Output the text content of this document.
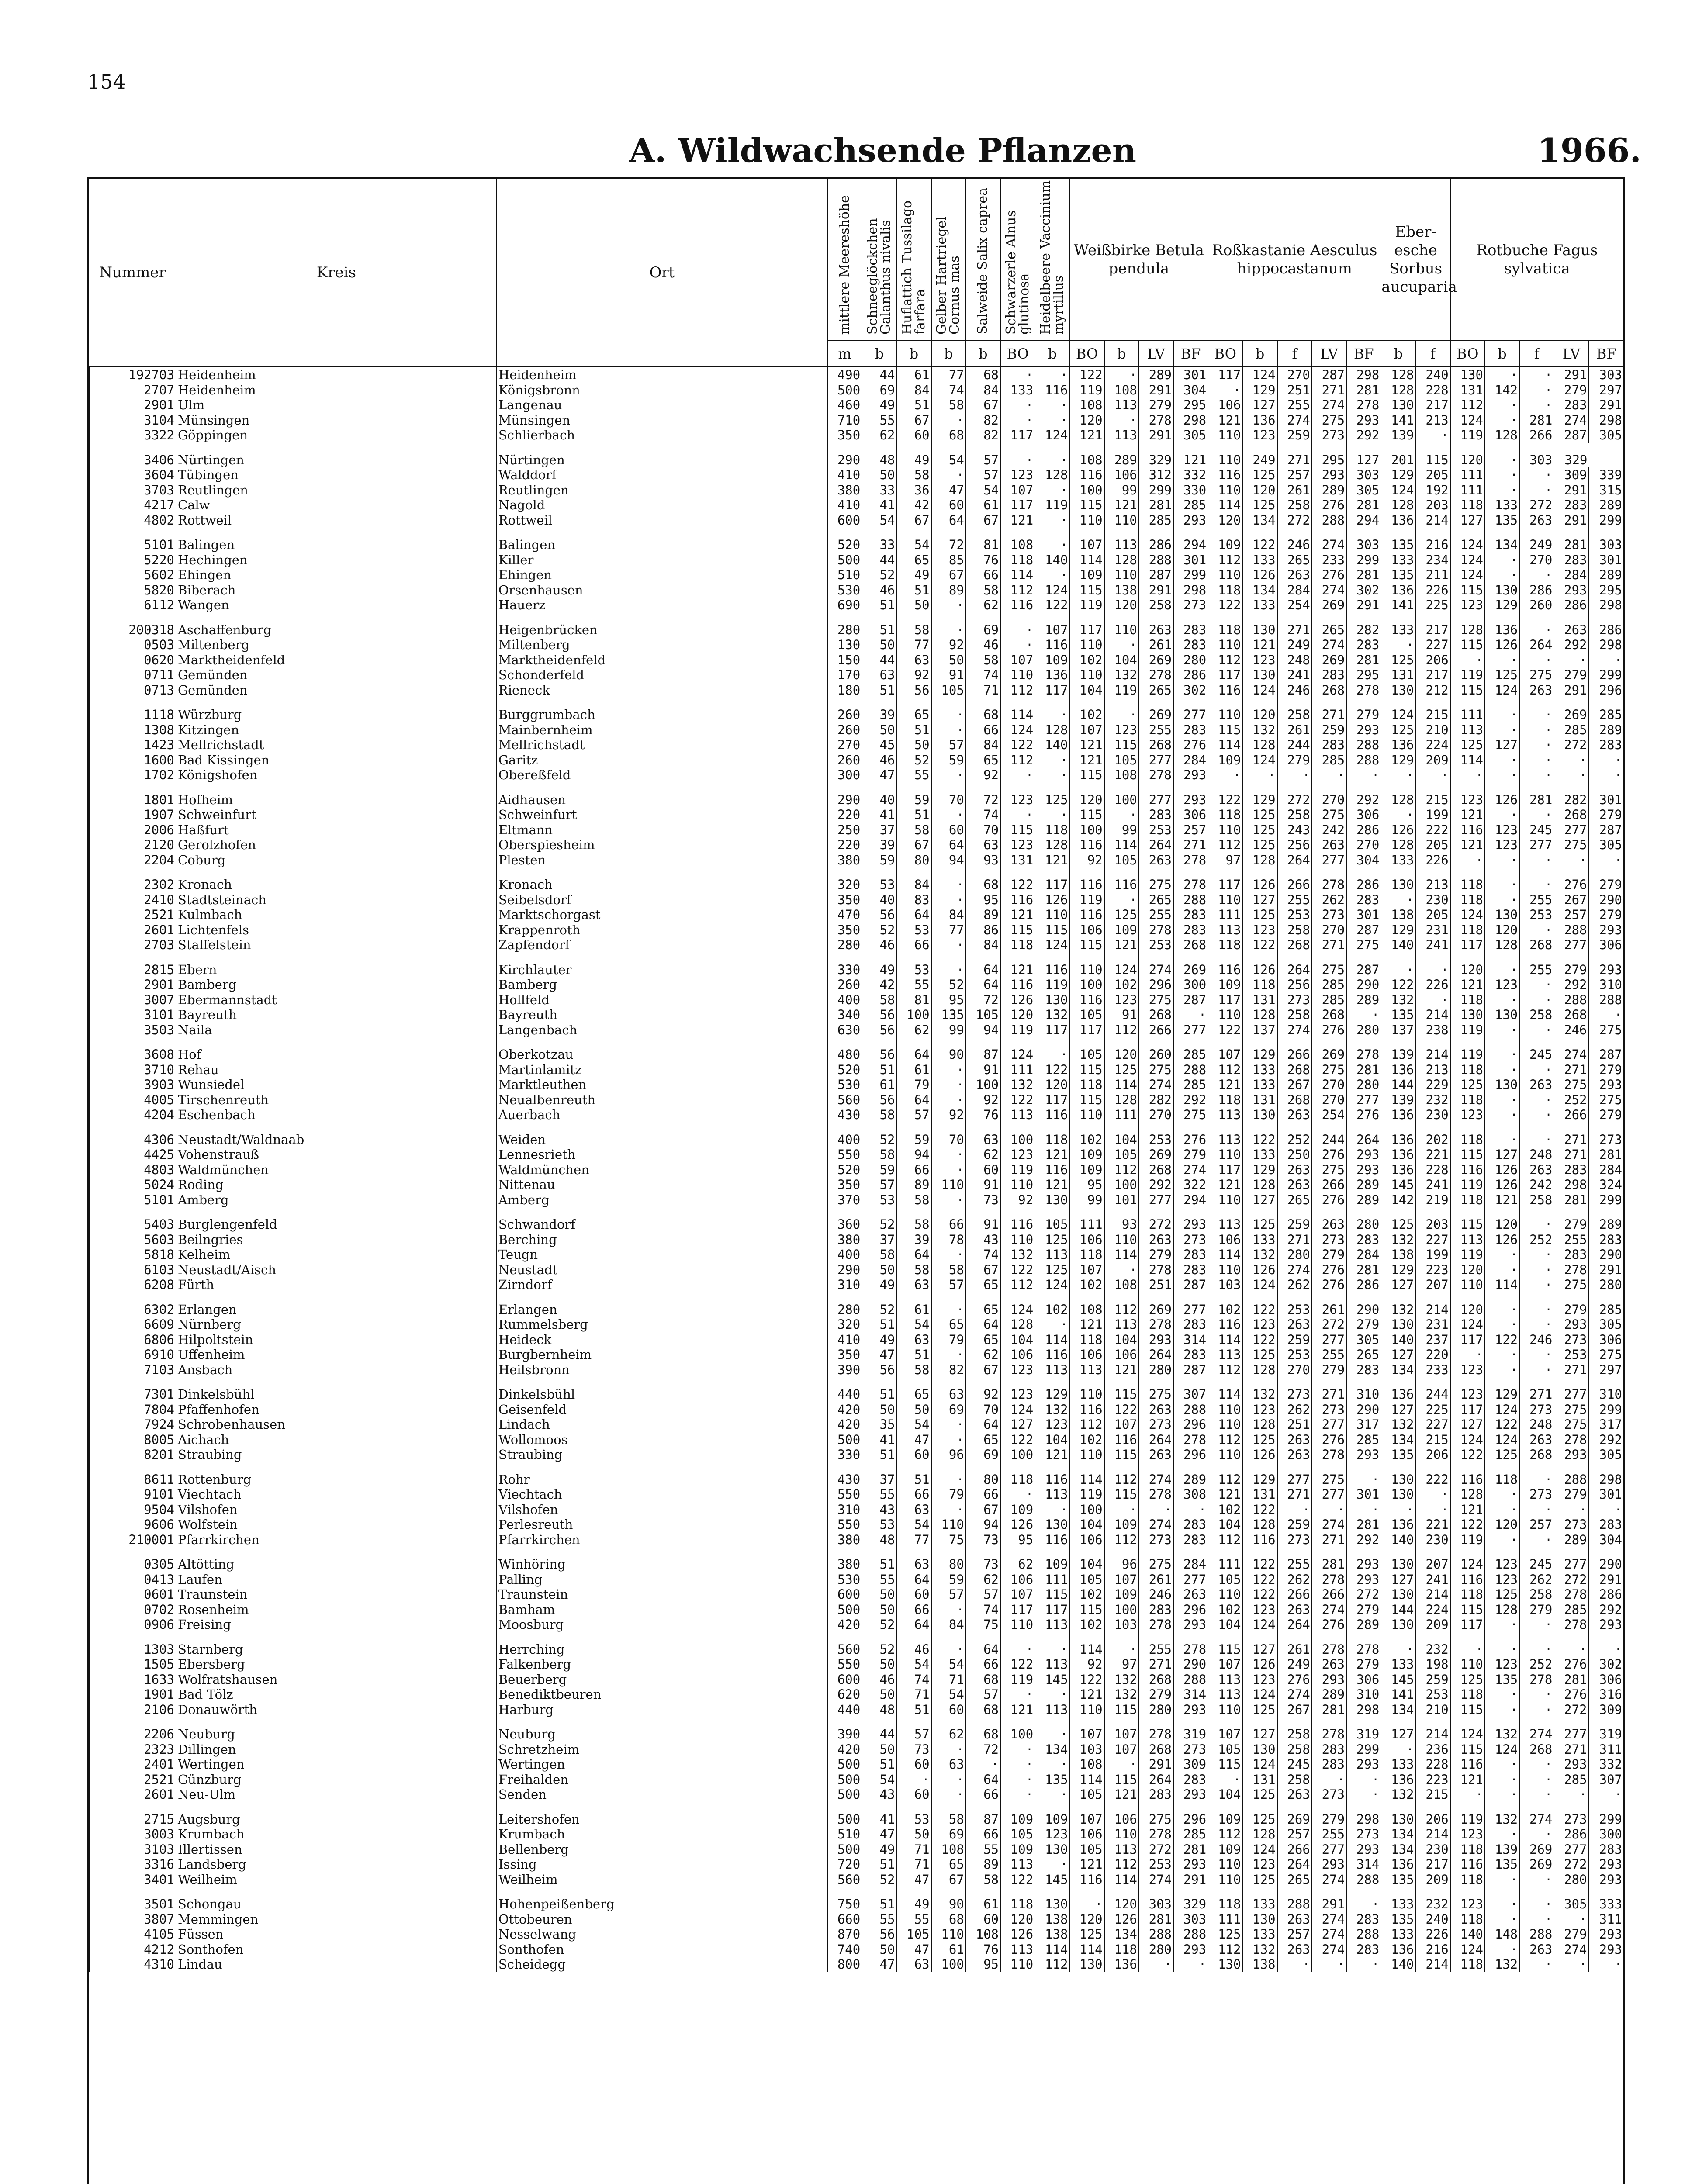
154
A. Wildwachsende Pflanzen	1966.
Nummer	Kreis	Ort	mittlere Meereshöhe	Schneeglöckchen Galanthus nivalis	Huflattich Tussilago farfara	Gelber Hartriegel Cornus mas	Salweide Salix caprea	Schwarzerle Alnus glutinosa	Heidelbeere Vaccinium myrtillus	Weißbirke Betula pendula				Roßkastanie Aesculus hippocastanum					Eber- esche Sorbus aucuparia		Rotbuche Fagus sylvatica				
			m	b	b	b	b	BO	b	BO	b	LV	BF	BO	b	f	LV	BF	b	f	BO	b	f	LV	BF
192703	Heidenheim	Heidenheim	490	44	61	77	68	·	·	122	·	289	301	117	124	270	287	298	128	240	130	·	·	291	303
2707	Heidenheim	Königsbronn	500	69	84	74	84	133	116	119	108	291	304	·	129	251	271	281	128	228	131	142	·	279	297
2901	Ulm	Langenau	460	49	51	58	67	·	·	108	113	279	295	106	127	255	274	278	130	217	112	·	·	283	291
3104	Münsingen	Münsingen	710	55	67	·	82	·	·	120	·	278	298	121	136	274	275	293	141	213	124	·	281	274	298
3322	Göppingen	Schlierbach	350	62	60	68	82	117	124	121	113	291	305	110	123	259	273	292	139	·	119	128	266	287	305

3406	Nürtingen	Nürtingen	290	48	49	54	57	·	·	108	289	329	121	110	249	271	295	127	201	115	120	·	303	329	
3604	Tübingen	Walddorf	410	50	58	·	57	123	128	116	106	312	332	116	125	257	293	303	129	205	111	·	·	309	339
3703	Reutlingen	Reutlingen	380	33	36	47	54	107	·	100	99	299	330	110	120	261	289	305	124	192	111	·	·	291	315
4217	Calw	Nagold	410	41	42	60	61	117	119	115	121	281	285	114	125	258	276	281	128	203	118	133	272	283	289
4802	Rottweil	Rottweil	600	54	67	64	67	121	·	110	110	285	293	120	134	272	288	294	136	214	127	135	263	291	299

5101	Balingen	Balingen	520	33	54	72	81	108	·	107	113	286	294	109	122	246	274	303	135	216	124	134	249	281	303
5220	Hechingen	Killer	500	44	65	85	76	118	140	114	128	288	301	112	133	265	233	299	133	234	124	·	270	283	301
5602	Ehingen	Ehingen	510	52	49	67	66	114	·	109	110	287	299	110	126	263	276	281	135	211	124	·	·	284	289
5820	Biberach	Orsenhausen	530	46	51	89	58	112	124	115	138	291	298	118	134	284	274	302	136	226	115	130	286	293	295
6112	Wangen	Hauerz	690	51	50	·	62	116	122	119	120	258	273	122	133	254	269	291	141	225	123	129	260	286	298

200318	Aschaffenburg	Heigenbrücken	280	51	58	·	69	·	107	117	110	263	283	118	130	271	265	282	133	217	128	136	·	263	286
0503	Miltenberg	Miltenberg	130	50	77	92	46	·	116	110	·	261	283	110	121	249	274	283	·	227	115	126	264	292	298
0620	Marktheidenfeld	Marktheidenfeld	150	44	63	50	58	107	109	102	104	269	280	112	123	248	269	281	125	206	·	·	·	·	·
0711	Gemünden	Schonderfeld	170	63	92	91	74	110	136	110	132	278	286	117	130	241	283	295	131	217	119	125	275	279	299
0713	Gemünden	Rieneck	180	51	56	105	71	112	117	104	119	265	302	116	124	246	268	278	130	212	115	124	263	291	296

1118	Würzburg	Burggrumbach	260	39	65	·	68	114	·	102	·	269	277	110	120	258	271	279	124	215	111	·	·	269	285
1308	Kitzingen	Mainbernheim	260	50	51	·	66	124	128	107	123	255	283	115	132	261	259	293	125	210	113	·	·	285	289
1423	Mellrichstadt	Mellrichstadt	270	45	50	57	84	122	140	121	115	268	276	114	128	244	283	288	136	224	125	127	·	272	283
1600	Bad Kissingen	Garitz	260	46	52	59	65	112	·	121	105	277	284	109	124	279	285	288	129	209	114	·	·	·	·
1702	Königshofen	Obereßfeld	300	47	55	·	92	·	·	115	108	278	293	·	·	·	·	·	·	·	·	·	·	·	·

1801	Hofheim	Aidhausen	290	40	59	70	72	123	125	120	100	277	293	122	129	272	270	292	128	215	123	126	281	282	301
1907	Schweinfurt	Schweinfurt	220	41	51	·	74	·	·	115	·	283	306	118	125	258	275	306	·	199	121	·	·	268	279
2006	Haßfurt	Eltmann	250	37	58	60	70	115	118	100	99	253	257	110	125	243	242	286	126	222	116	123	245	277	287
2120	Gerolzhofen	Oberspiesheim	220	39	67	64	63	123	128	116	114	264	271	112	125	256	263	270	128	205	121	123	277	275	305
2204	Coburg	Plesten	380	59	80	94	93	131	121	92	105	263	278	97	128	264	277	304	133	226	·	·	·	·	·

2302	Kronach	Kronach	320	53	84	·	68	122	117	116	116	275	278	117	126	266	278	286	130	213	118	·	·	276	279
2410	Stadtsteinach	Seibelsdorf	350	40	83	·	95	116	126	119	·	265	288	110	127	255	262	283	·	230	118	·	255	267	290
2521	Kulmbach	Marktschorgast	470	56	64	84	89	121	110	116	125	255	283	111	125	253	273	301	138	205	124	130	253	257	279
2601	Lichtenfels	Krappenroth	350	52	53	77	86	115	115	106	109	278	283	113	123	258	270	287	129	231	118	120	·	288	293
2703	Staffelstein	Zapfendorf	280	46	66	·	84	118	124	115	121	253	268	118	122	268	271	275	140	241	117	128	268	277	306

2815	Ebern	Kirchlauter	330	49	53	·	64	121	116	110	124	274	269	116	126	264	275	287	·	·	120	·	255	279	293
2901	Bamberg	Bamberg	260	42	55	52	64	116	119	100	102	296	300	109	118	256	285	290	122	226	121	123	·	292	310
3007	Ebermannstadt	Hollfeld	400	58	81	95	72	126	130	116	123	275	287	117	131	273	285	289	132	·	118	·	·	288	288
3101	Bayreuth	Bayreuth	340	56	100	135	105	120	132	105	91	268	·	110	128	258	268	·	135	214	130	130	258	268	·
3503	Naila	Langenbach	630	56	62	99	94	119	117	117	112	266	277	122	137	274	276	280	137	238	119	·	·	246	275

3608	Hof	Oberkotzau	480	56	64	90	87	124	·	105	120	260	285	107	129	266	269	278	139	214	119	·	245	274	287
3710	Rehau	Martinlamitz	520	51	61	·	91	111	122	115	125	275	288	112	133	268	275	281	136	213	118	·	·	271	279
3903	Wunsiedel	Marktleuthen	530	61	79	·	100	132	120	118	114	274	285	121	133	267	270	280	144	229	125	130	263	275	293
4005	Tirschenreuth	Neualbenreuth	560	56	64	·	92	122	117	115	128	282	292	118	131	268	270	277	139	232	118	·	·	252	275
4204	Eschenbach	Auerbach	430	58	57	92	76	113	116	110	111	270	275	113	130	263	254	276	136	230	123	·	·	266	279

4306	Neustadt/Waldnaab	Weiden	400	52	59	70	63	100	118	102	104	253	276	113	122	252	244	264	136	202	118	·	·	271	273
4425	Vohenstrauß	Lennesrieth	550	58	94	·	62	123	121	109	105	269	279	110	133	250	276	293	136	221	115	127	248	271	281
4803	Waldmünchen	Waldmünchen	520	59	66	·	60	119	116	109	112	268	274	117	129	263	275	293	136	228	116	126	263	283	284
5024	Roding	Nittenau	350	57	89	110	91	110	121	95	100	292	322	121	128	263	266	289	145	241	119	126	242	298	324
5101	Amberg	Amberg	370	53	58	·	73	92	130	99	101	277	294	110	127	265	276	289	142	219	118	121	258	281	299

5403	Burglengenfeld	Schwandorf	360	52	58	66	91	116	105	111	93	272	293	113	125	259	263	280	125	203	115	120	·	279	289
5603	Beilngries	Berching	380	37	39	78	43	110	125	106	110	263	273	106	133	271	273	283	132	227	113	126	252	255	283
5818	Kelheim	Teugn	400	58	64	·	74	132	113	118	114	279	283	114	132	280	279	284	138	199	119	·	·	283	290
6103	Neustadt/Aisch	Neustadt	290	50	58	58	67	122	125	107	·	278	283	110	126	274	276	281	129	223	120	·	·	278	291
6208	Fürth	Zirndorf	310	49	63	57	65	112	124	102	108	251	287	103	124	262	276	286	127	207	110	114	·	275	280

6302	Erlangen	Erlangen	280	52	61	·	65	124	102	108	112	269	277	102	122	253	261	290	132	214	120	·	·	279	285
6609	Nürnberg	Rummelsberg	320	51	54	65	64	128	·	121	113	278	283	116	123	263	272	279	130	231	124	·	·	293	305
6806	Hilpoltstein	Heideck	410	49	63	79	65	104	114	118	104	293	314	114	122	259	277	305	140	237	117	122	246	273	306
6910	Uffenheim	Burgbernheim	350	47	51	·	62	106	116	106	106	264	283	113	125	253	255	265	127	220	·	·	·	253	275
7103	Ansbach	Heilsbronn	390	56	58	82	67	123	113	113	121	280	287	112	128	270	279	283	134	233	123	·	·	271	297

7301	Dinkelsbühl	Dinkelsbühl	440	51	65	63	92	123	129	110	115	275	307	114	132	273	271	310	136	244	123	129	271	277	310
7804	Pfaffenhofen	Geisenfeld	420	50	50	69	70	124	132	116	122	263	288	110	123	262	273	290	127	225	117	124	273	275	299
7924	Schrobenhausen	Lindach	420	35	54	·	64	127	123	112	107	273	296	110	128	251	277	317	132	227	127	122	248	275	317
8005	Aichach	Wollomoos	500	41	47	·	65	122	104	102	116	264	278	112	125	263	276	285	134	215	124	124	263	278	292
8201	Straubing	Straubing	330	51	60	96	69	100	121	110	115	263	296	110	126	263	278	293	135	206	122	125	268	293	305

8611	Rottenburg	Rohr	430	37	51	·	80	118	116	114	112	274	289	112	129	277	275	·	130	222	116	118	·	288	298
9101	Viechtach	Viechtach	550	55	66	79	66	·	113	119	115	278	308	121	131	271	277	301	130	·	128	·	273	279	301
9504	Vilshofen	Vilshofen	310	43	63	·	67	109	·	100	·	·	·	102	122	·	·	·	·	·	121	·	·	·	·
9606	Wolfstein	Perlesreuth	550	53	54	110	94	126	130	104	109	274	283	104	128	259	274	281	136	221	122	120	257	273	283
210001	Pfarrkirchen	Pfarrkirchen	380	48	77	75	73	95	116	106	112	273	283	112	116	273	271	292	140	230	119	·	·	289	304

0305	Altötting	Winhöring	380	51	63	80	73	62	109	104	96	275	284	111	122	255	281	293	130	207	124	123	245	277	290
0413	Laufen	Palling	530	55	64	59	62	106	111	105	107	261	277	105	122	262	278	293	127	241	116	123	262	272	291
0601	Traunstein	Traunstein	600	50	60	57	57	107	115	102	109	246	263	110	122	266	266	272	130	214	118	125	258	278	286
0702	Rosenheim	Bamham	500	50	66	·	74	117	117	115	100	283	296	102	123	263	274	279	144	224	115	128	279	285	292
0906	Freising	Moosburg	420	52	64	84	75	110	113	102	103	278	293	104	124	264	276	289	130	209	117	·	·	278	293

1303	Starnberg	Herrching	560	52	46	·	64	·	·	114	·	255	278	115	127	261	278	278	·	232	·	·	·	·	·
1505	Ebersberg	Falkenberg	550	50	54	54	66	122	113	92	97	271	290	107	126	249	263	279	133	198	110	123	252	276	302
1633	Wolfratshausen	Beuerberg	600	46	74	71	68	119	145	122	132	268	288	113	123	276	293	306	145	259	125	135	278	281	306
1901	Bad Tölz	Benediktbeuren	620	50	71	54	57	·	·	121	132	279	314	113	124	274	289	310	141	253	118	·	·	276	316
2106	Donauwörth	Harburg	440	48	51	60	68	121	113	110	115	280	293	110	125	267	281	298	134	210	115	·	·	272	309

2206	Neuburg	Neuburg	390	44	57	62	68	100	·	107	107	278	319	107	127	258	278	319	127	214	124	132	274	277	319
2323	Dillingen	Schretzheim	420	50	73	·	72	·	134	103	107	268	273	105	130	258	283	299	·	236	115	124	268	271	311
2401	Wertingen	Wertingen	500	51	60	63	·	·	·	108	·	291	309	115	124	245	283	293	133	228	116	·	·	293	332
2521	Günzburg	Freihalden	500	54	·	·	64	·	135	114	115	264	283	·	131	258	·	·	136	223	121	·	·	285	307
2601	Neu-Ulm	Senden	500	43	60	·	66	·	·	105	121	283	293	104	125	263	273	·	132	215	·	·	·	·	·

2715	Augsburg	Leitershofen	500	41	53	58	87	109	109	107	106	275	296	109	125	269	279	298	130	206	119	132	274	273	299
3003	Krumbach	Krumbach	510	47	50	69	66	105	123	106	110	278	285	112	128	257	255	273	134	214	123	·	·	286	300
3103	Illertissen	Bellenberg	500	49	71	108	55	109	130	105	113	272	281	109	124	266	277	293	134	230	118	139	269	277	283
3316	Landsberg	Issing	720	51	71	65	89	113	·	121	112	253	293	110	123	264	293	314	136	217	116	135	269	272	293
3401	Weilheim	Weilheim	560	52	47	67	58	122	145	116	114	274	291	110	125	265	274	288	135	209	118	·	·	280	293

3501	Schongau	Hohenpeißenberg	750	51	49	90	61	118	130	·	120	303	329	118	133	288	291	·	133	232	123	·	·	305	333
3807	Memmingen	Ottobeuren	660	55	55	68	60	120	138	120	126	281	303	111	130	263	274	283	135	240	118	·	·	·	311
4105	Füssen	Nesselwang	870	56	105	110	108	126	138	125	134	288	288	125	133	257	274	288	133	226	140	148	288	279	293
4212	Sonthofen	Sonthofen	740	50	47	61	76	113	114	114	118	280	293	112	132	263	274	283	136	216	124	·	263	274	293
4310	Lindau	Scheidegg	800	47	63	100	95	110	112	130	136	·	·	130	138	·	·	·	140	214	118	132	·	·	·
